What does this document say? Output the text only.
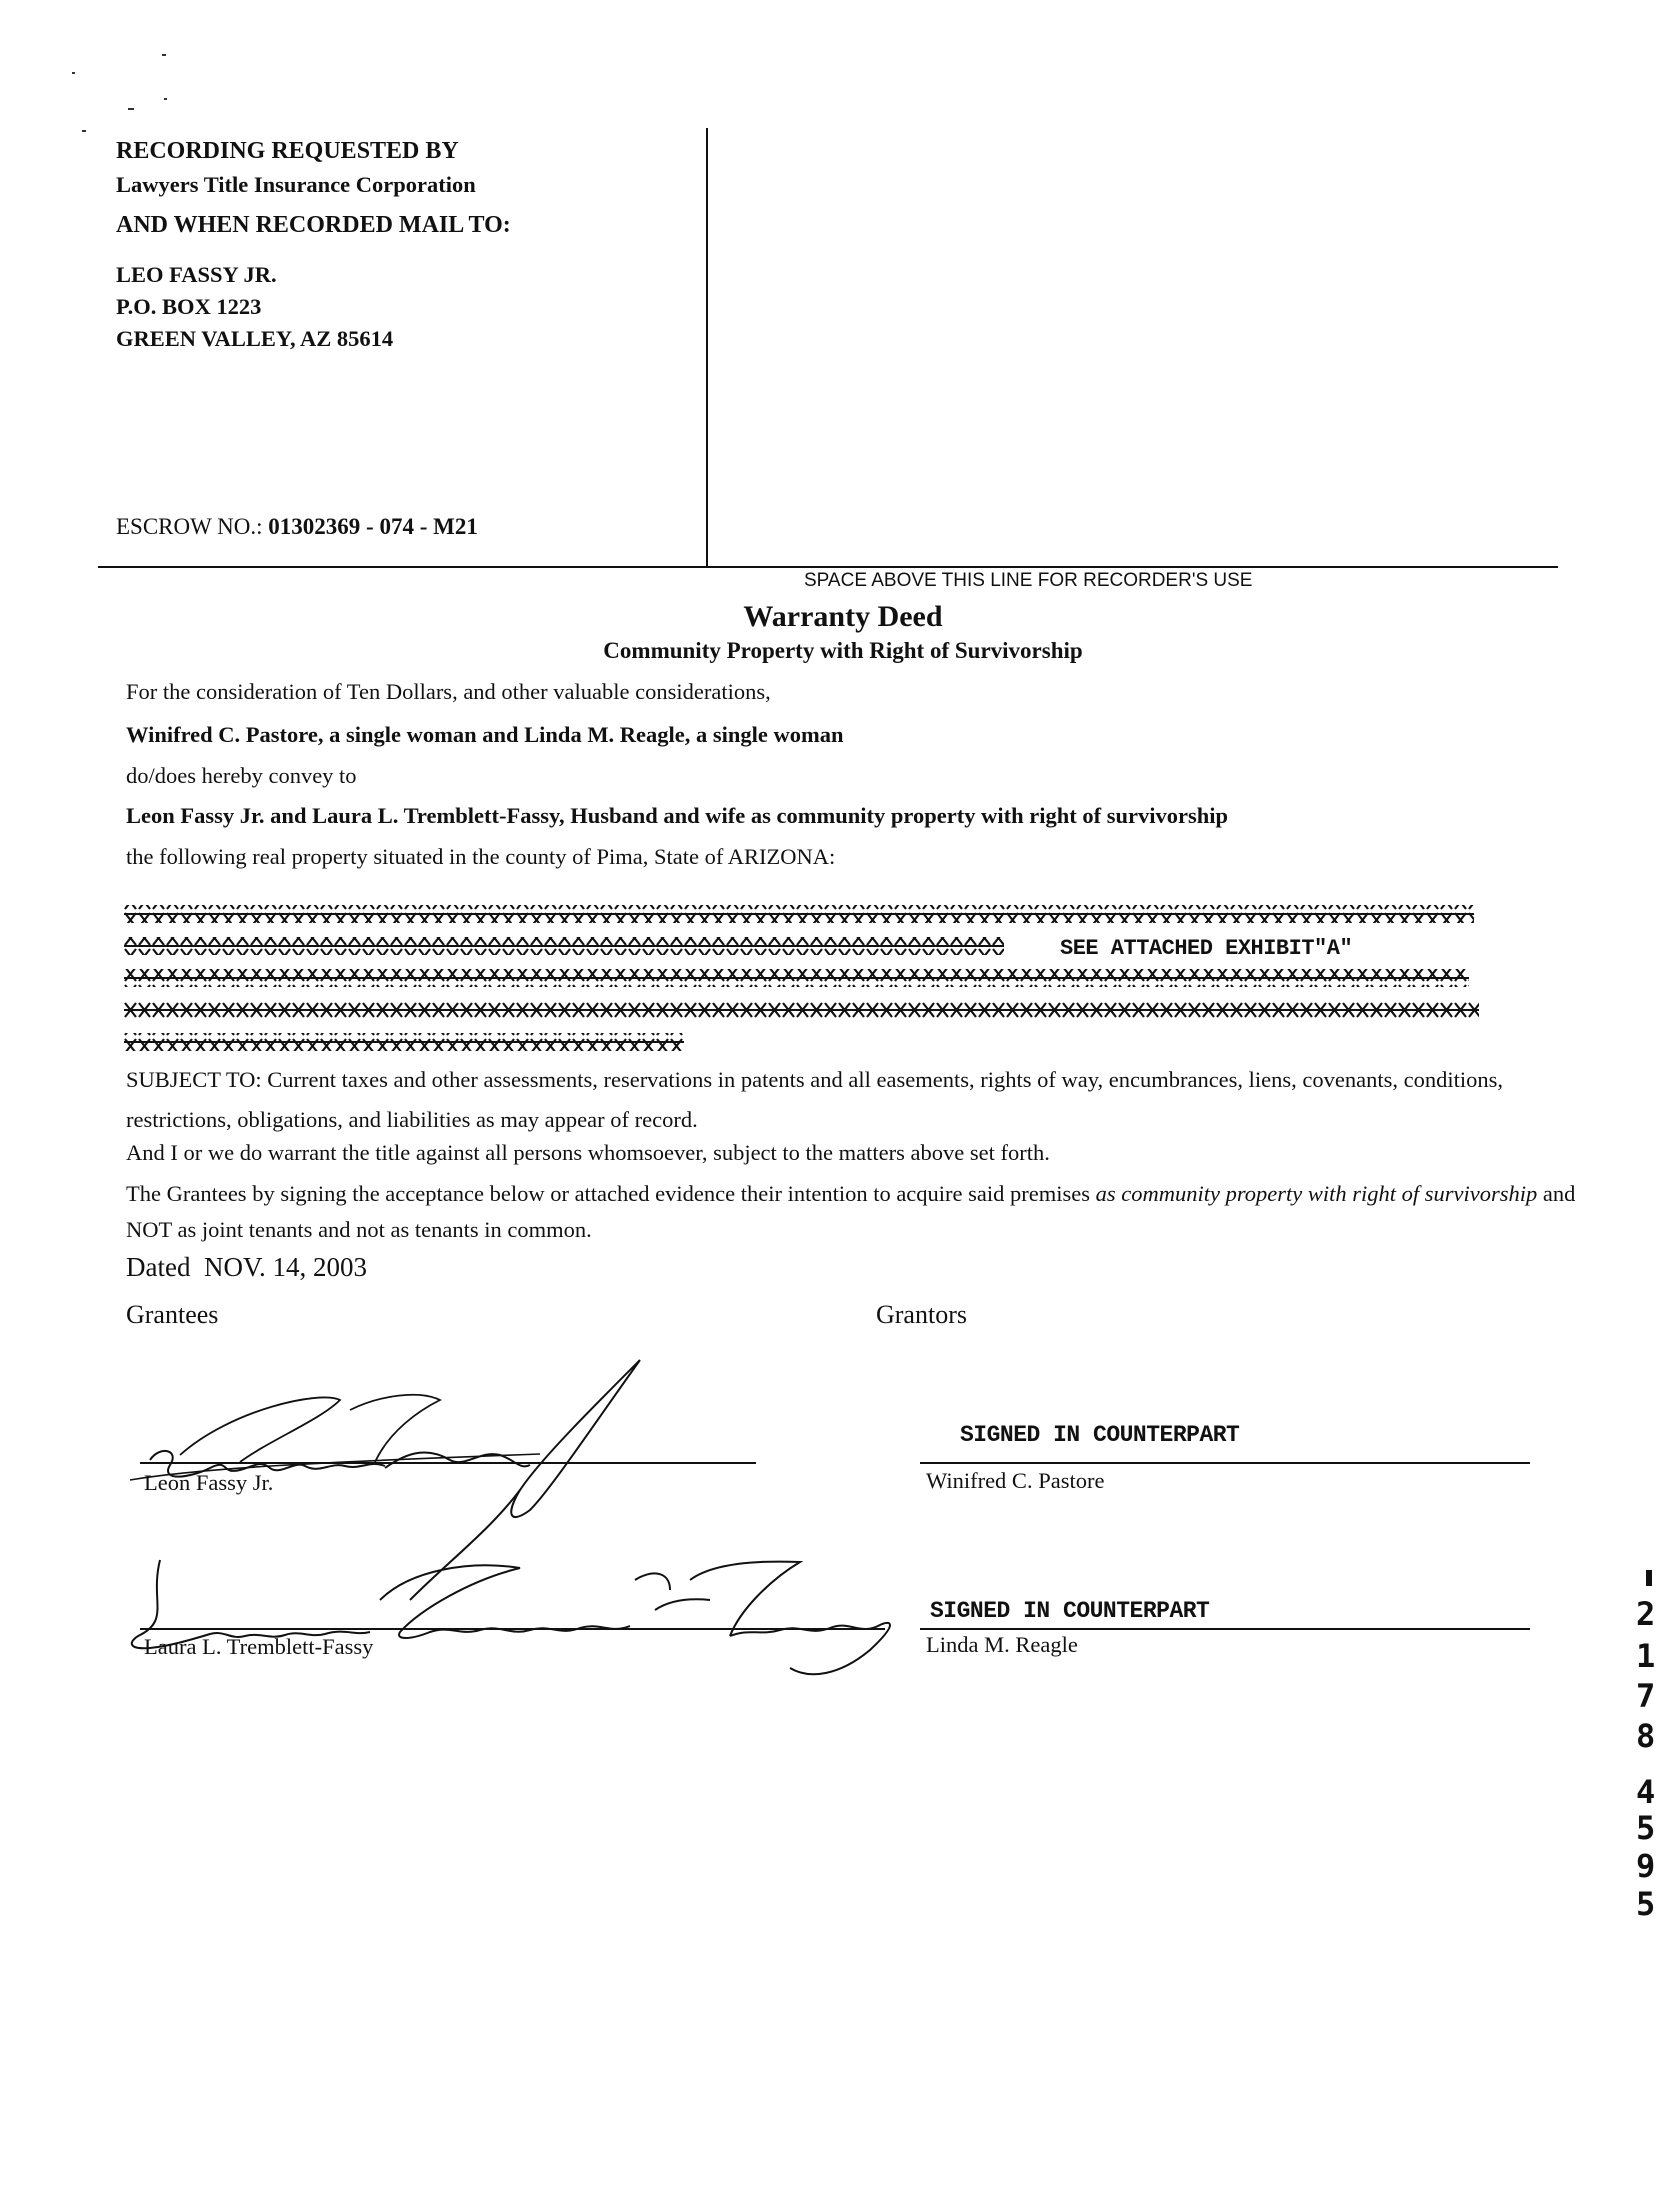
RECORDING REQUESTED BY
Lawyers Title Insurance Corporation
AND WHEN RECORDED MAIL TO:
LEO FASSY JR.
P.O. BOX 1223
GREEN VALLEY, AZ 85614
ESCROW NO.: 01302369 - 074 - M21
SPACE ABOVE THIS LINE FOR RECORDER'S USE
Warranty Deed
Community Property with Right of Survivorship
For the consideration of Ten Dollars, and other valuable considerations,
Winifred C. Pastore, a single woman and Linda M. Reagle, a single woman
do/does hereby convey to
Leon Fassy Jr. and Laura L. Tremblett-Fassy, Husband and wife as community property with right of survivorship
the following real property situated in the county of Pima, State of ARIZONA:
SEE ATTACHED EXHIBIT"A"
SUBJECT TO: Current taxes and other assessments, reservations in patents and all easements, rights of way, encumbrances, liens, covenants, conditions, restrictions, obligations, and liabilities as may appear of record.
And I or we do warrant the title against all persons whomsoever, subject to the matters above set forth.
The Grantees by signing the acceptance below or attached evidence their intention to acquire said premises as community property with right of survivorship and NOT as joint tenants and not as tenants in common.
Dated NOV. 14, 2003
Grantees	Grantors
Leon Fassy Jr.	Winifred C. Pastore
Laura L. Tremblett-Fassy	Linda M. Reagle
SIGNED IN COUNTERPART
SIGNED IN COUNTERPART	2
1
7
8
4
5
9
5
